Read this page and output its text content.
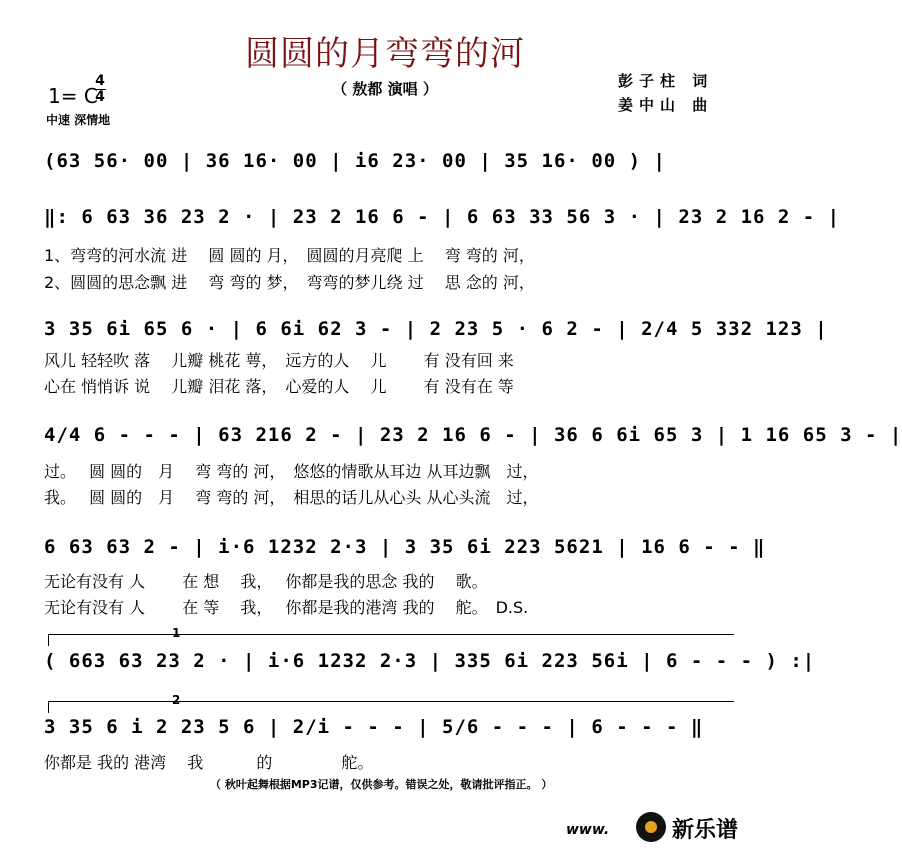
圆圆的月弯弯的河
（ 敖都 演唱 ）	彭子柱 词
姜中山 曲
1= C
4
4
中速 深情地
(63 56· 00 | 36 16· 00 | i6 23· 00 | 35 16· 00 ) |
‖: 6 63 36 23 2 · | 23 2 16 6 - | 6 63 33 56 3 · | 23 2 16 2 - |
1、弯弯的河水流 进　 圆 圆的 月，　圆圆的月亮爬 上　 弯 弯的 河，
2、圆圆的思念飘 进　 弯 弯的 梦，　弯弯的梦儿绕 过　 思 念的 河，
3 35 6i 65 6 · | 6 6i 62 3 - | 2 23 5 · 6 2 - | 2/4 5 332 123 |
风儿 轻轻吹 落　 儿瓣 桃花 萼，　远方的人　 儿　　 有 没有回 来
心在 悄悄诉 说　 儿瓣 泪花 落，　心爱的人　 儿　　 有 没有在 等
4/4 6 - - - | 63 216 2 - | 23 2 16 6 - | 36 6 6i 65 3 | 1 16 65 3 - |
过。　 圆 圆的　月　 弯 弯的 河，　悠悠的情歌从耳边 从耳边飘　过，
我。　 圆 圆的　月　 弯 弯的 河，　相思的话儿从心头 从心头流　过，
6 63 63 2 - | i·6 1232 2·3 | 3 35 6i 223 5621 | 16 6 - - ‖
无论有没有 人　　 在 想　 我，　 你都是我的思念 我的　 歌。
无论有没有 人　　 在 等　 我，　 你都是我的港湾 我的　 舵。　D.S.
1
( 663 63 23 2 · | i·6 1232 2·3 | 335 6i 223 56i | 6 - - - ) :|
2
3 35 6 i 2 23 5 6 | 2/i - - - | 5/6 - - - | 6 - - - ‖
你都是 我的 港湾　 我　　　 的　　　　 舵。
（ 秋叶起舞根据MP3记谱，仅供参考。错误之处，敬请批评指正。 ）
www.	新乐谱
